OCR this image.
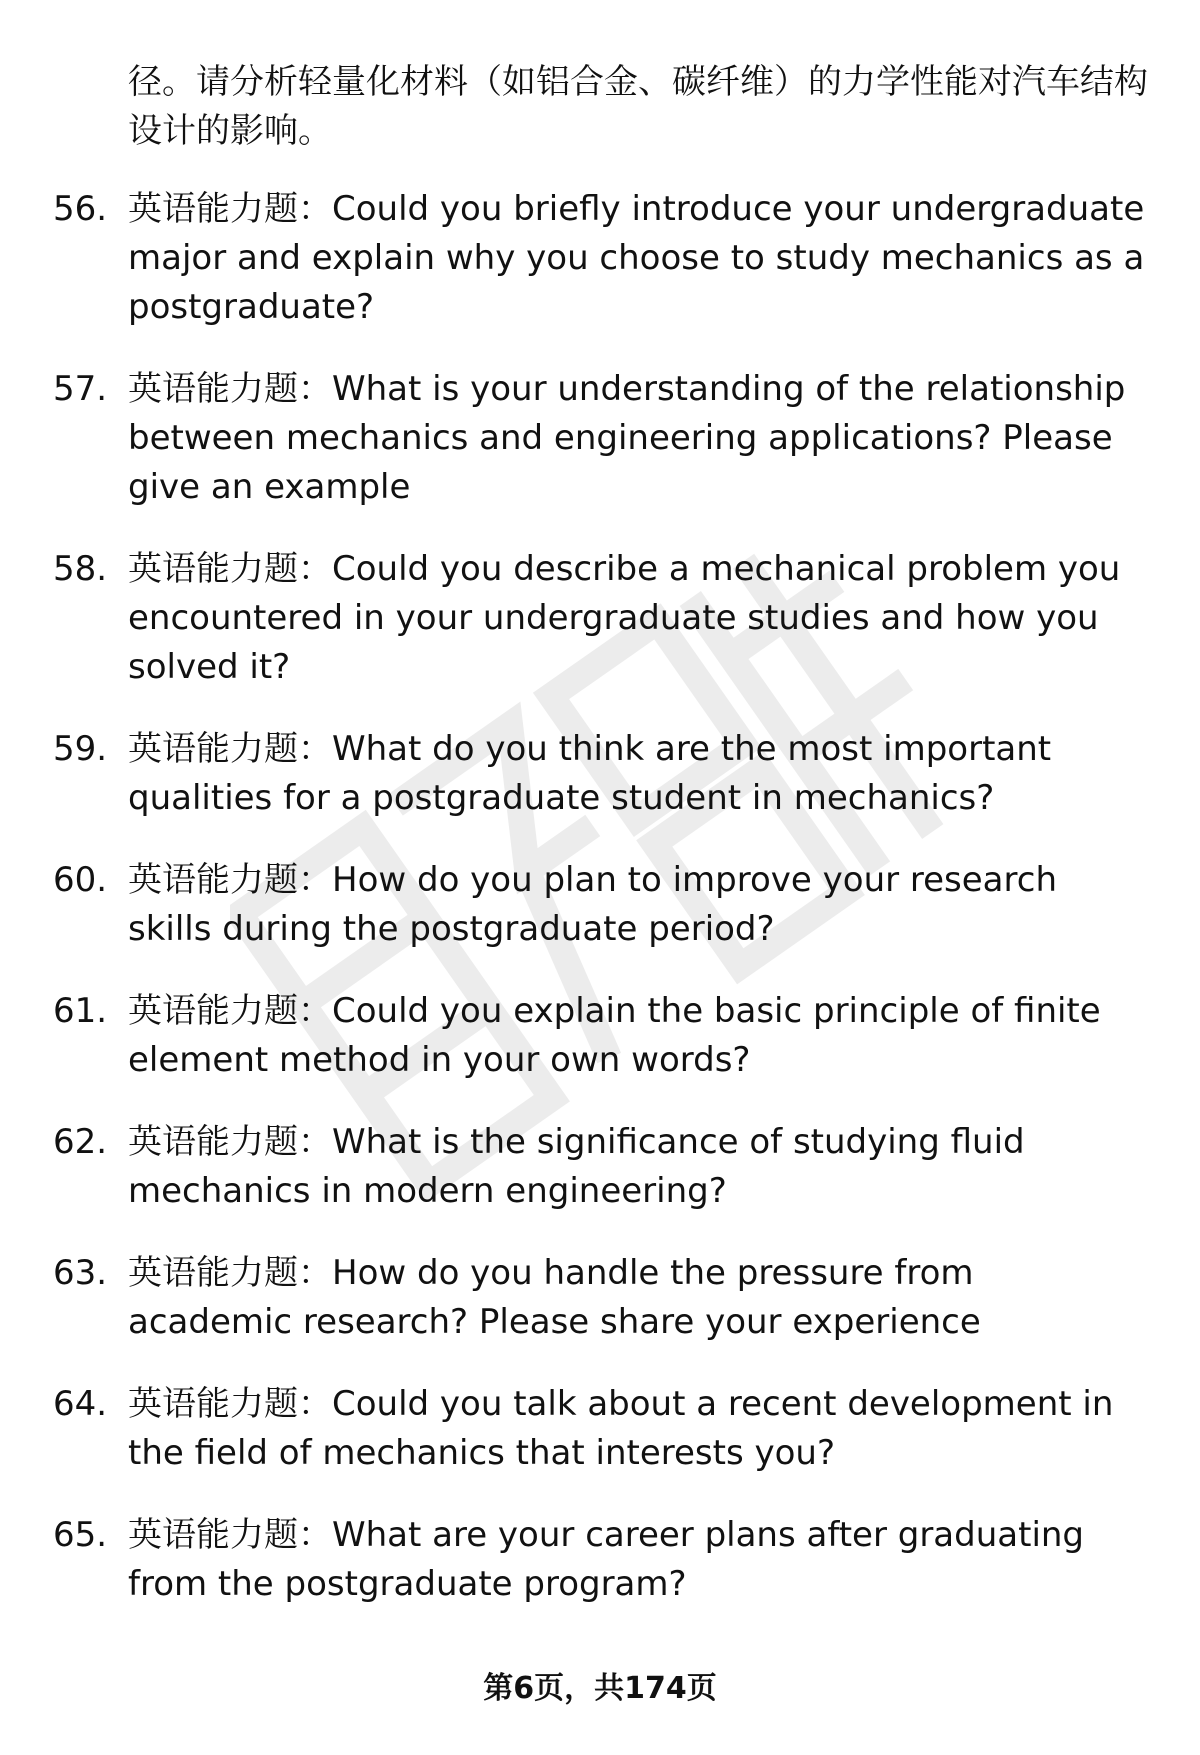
径。请分析轻量化材料（如铝合金、碳纤维）的力学性能对汽车结构设计的影响。
56. 英语能力题：Could you briefly introduce your undergraduate major and explain why you choose to study mechanics as a postgraduate?
57. 英语能力题：What is your understanding of the relationship between mechanics and engineering applications? Please give an example
58. 英语能力题：Could you describe a mechanical problem you encountered in your undergraduate studies and how you solved it?
59. 英语能力题：What do you think are the most important qualities for a postgraduate student in mechanics?
60. 英语能力题：How do you plan to improve your research skills during the postgraduate period?
61. 英语能力题：Could you explain the basic principle of finite element method in your own words?
62. 英语能力题：What is the significance of studying fluid mechanics in modern engineering?
63. 英语能力题：How do you handle the pressure from academic research? Please share your experience
64. 英语能力题：Could you talk about a recent development in the field of mechanics that interests you?
65. 英语能力题：What are your career plans after graduating from the postgraduate program?
第6页，共174页
